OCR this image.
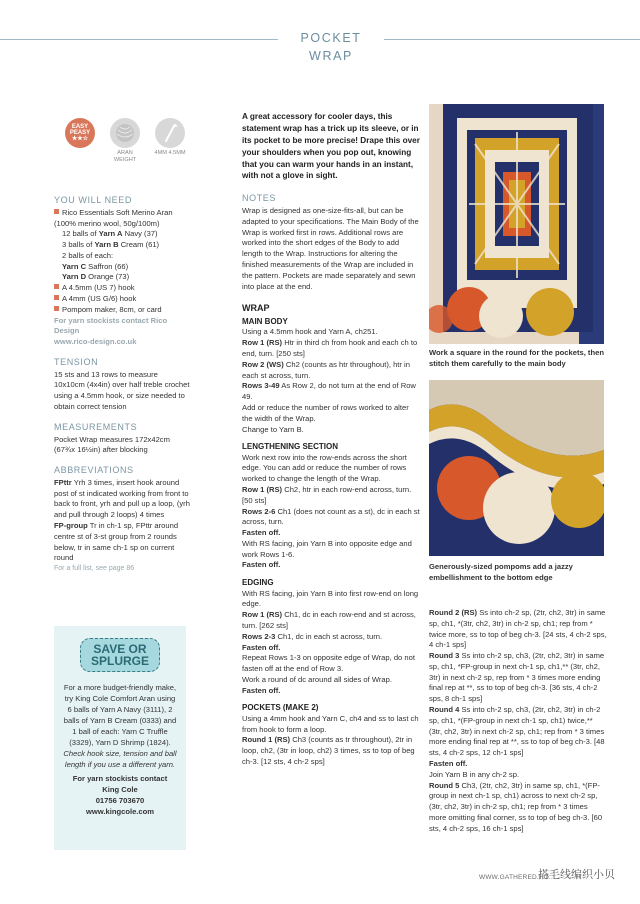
POCKET WRAP
EASY
PEASY
★★☆
ARAN WEIGHT
4MM 4.5MM
YOU WILL NEED
Rico Essentials Soft Merino Aran (100% merino wool, 50g/100m)
12 balls of Yarn A Navy (37)
3 balls of Yarn B Cream (61)
2 balls of each:
Yarn C Saffron (66)
Yarn D Orange (73)
A 4.5mm (US 7) hook
A 4mm (US G/6) hook
Pompom maker, 8cm, or card
For yarn stockists contact Rico Design
www.rico-design.co.uk
TENSION
15 sts and 13 rows to measure 10x10cm (4x4in) over half treble crochet using a 4.5mm hook, or size needed to obtain correct tension
MEASUREMENTS
Pocket Wrap measures 172x42cm (67¾x 16½in) after blocking
ABBREVIATIONS
FPttr Yrh 3 times, insert hook around post of st indicated working from front to back to front, yrh and pull up a loop, (yrh and pull through 2 loops) 4 times
FP-group Tr in ch-1 sp, FPttr around centre st of 3-st group from 2 rounds below, tr in same ch-1 sp on current round
For a full list, see page 86
SAVE OR
SPLURGE

For a more budget-friendly make, try King Cole Comfort Aran using 6 balls of Yarn A Navy (3111), 2 balls of Yarn B Cream (0333) and 1 ball of each: Yarn C Truffle (3329), Yarn D Shrimp (1824).

Check hook size, tension and ball length if you use a different yarn.

For yarn stockists contact

King Cole

01756 703670

www.kingcole.com

A great accessory for cooler days, this statement wrap has a trick up its sleeve, or in its pocket to be more precise! Drape this over your shoulders when you pop out, knowing that you can warm your hands in an instant, with not a glove in sight.
NOTES
Wrap is designed as one-size-fits-all, but can be adapted to your specifications. The Main Body of the Wrap is worked first in rows. Additional rows are worked into the short edges of the Body to add length to the Wrap. Instructions for altering the finished measurements of the Wrap are included in the pattern. Pockets are made separately and sewn into place at the end.
WRAP
MAIN BODY
Using a 4.5mm hook and Yarn A, ch251.
Row 1 (RS) Htr in third ch from hook and each ch to end, turn. [250 sts]
Row 2 (WS) Ch2 (counts as htr throughout), htr in each st across, turn.
Rows 3-49 As Row 2, do not turn at the end of Row 49.
Add or reduce the number of rows worked to alter the width of the Wrap.
Change to Yarn B.
LENGTHENING SECTION
Work next row into the row-ends across the short edge. You can add or reduce the number of rows worked to change the length of the Wrap.
Row 1 (RS) Ch2, htr in each row-end across, turn. [50 sts]
Rows 2-6 Ch1 (does not count as a st), dc in each st across, turn.
Fasten off.
With RS facing, join Yarn B into opposite edge and work Rows 1-6.
Fasten off.
EDGING
With RS facing, join Yarn B into first row-end on long edge.
Row 1 (RS) Ch1, dc in each row-end and st across, turn. [262 sts]
Rows 2-3 Ch1, dc in each st across, turn.
Fasten off.
Repeat Rows 1-3 on opposite edge of Wrap, do not fasten off at the end of Row 3.
Work a round of dc around all sides of Wrap.
Fasten off.
POCKETS (MAKE 2)
Using a 4mm hook and Yarn C, ch4 and ss to last ch from hook to form a loop.
Round 1 (RS) Ch3 (counts as tr throughout), 2tr in loop, ch2, (3tr in loop, ch2) 3 times, ss to top of beg ch-3. [12 sts, 4 ch-2 sps]
Work a square in the round for the pockets, then stitch them carefully to the main body
Generously-sized pompoms add a jazzy embellishment to the bottom edge
Round 2 (RS) Ss into ch-2 sp, (2tr, ch2, 3tr) in same sp, ch1, *(3tr, ch2, 3tr) in ch-2 sp, ch1; rep from * twice more, ss to top of beg ch-3. [24 sts, 4 ch-2 sps, 4 ch-1 sps]
Round 3 Ss into ch-2 sp, ch3, (2tr, ch2, 3tr) in same sp, ch1, *FP-group in next ch-1 sp, ch1,** (3tr, ch2, 3tr) in next ch-2 sp, rep from * 3 times more ending final rep at **, ss to top of beg ch-3. [36 sts, 4 ch-2 sps, 8 ch-1 sps]
Round 4 Ss into ch-2 sp, ch3, (2tr, ch2, 3tr) in ch-2 sp, ch1, *(FP-group in next ch-1 sp, ch1) twice,** (3tr, ch2, 3tr) in next ch-2 sp, ch1; rep from * 3 times more ending final rep at **, ss to top of beg ch-3. [48 sts, 4 ch-2 sps, 12 ch-1 sps]
Fasten off.
Join Yarn B in any ch-2 sp.
Round 5 Ch3, (2tr, ch2, 3tr) in same sp, ch1, *(FP-group in next ch-1 sp, ch1) across to next ch-2 sp, (3tr, ch2, 3tr) in ch-2 sp, ch1; rep from * 3 times more omitting final corner, ss to top of beg ch-3. [60 sts, 4 ch-2 sps, 16 ch-1 sps]
WWW.GATHERED.HO...
搭毛线编织小贝
